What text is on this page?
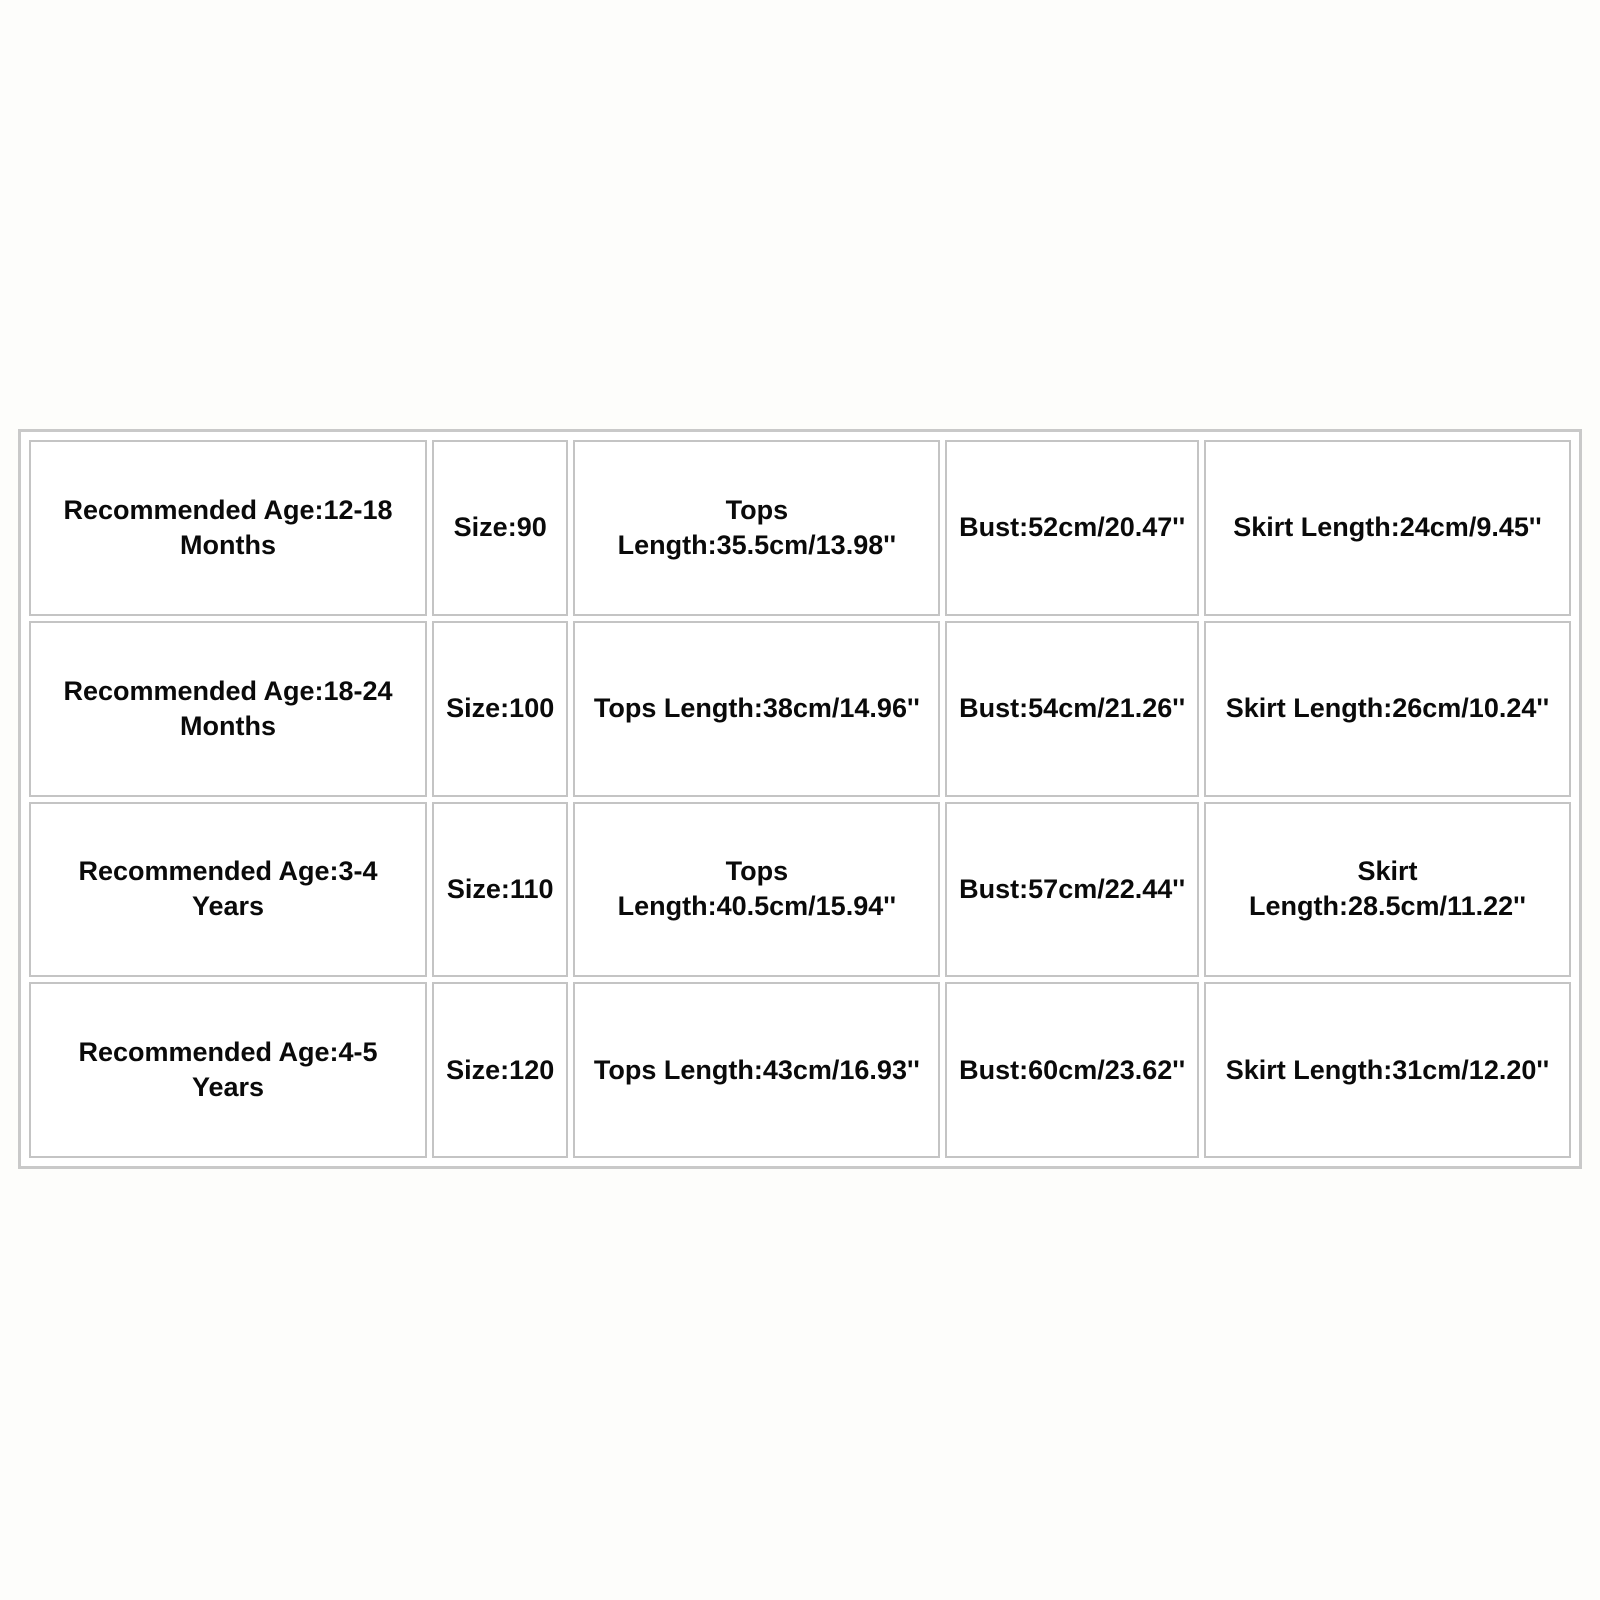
Recommended Age:12-18 Months	Size:90	Tops Length:35.5cm/13.98''	Bust:52cm/20.47''	Skirt Length:24cm/9.45''
Recommended Age:18-24 Months	Size:100	Tops Length:38cm/14.96''	Bust:54cm/21.26''	Skirt Length:26cm/10.24''
Recommended Age:3-4 Years	Size:110	Tops Length:40.5cm/15.94''	Bust:57cm/22.44''	Skirt Length:28.5cm/11.22''
Recommended Age:4-5 Years	Size:120	Tops Length:43cm/16.93''	Bust:60cm/23.62''	Skirt Length:31cm/12.20''
